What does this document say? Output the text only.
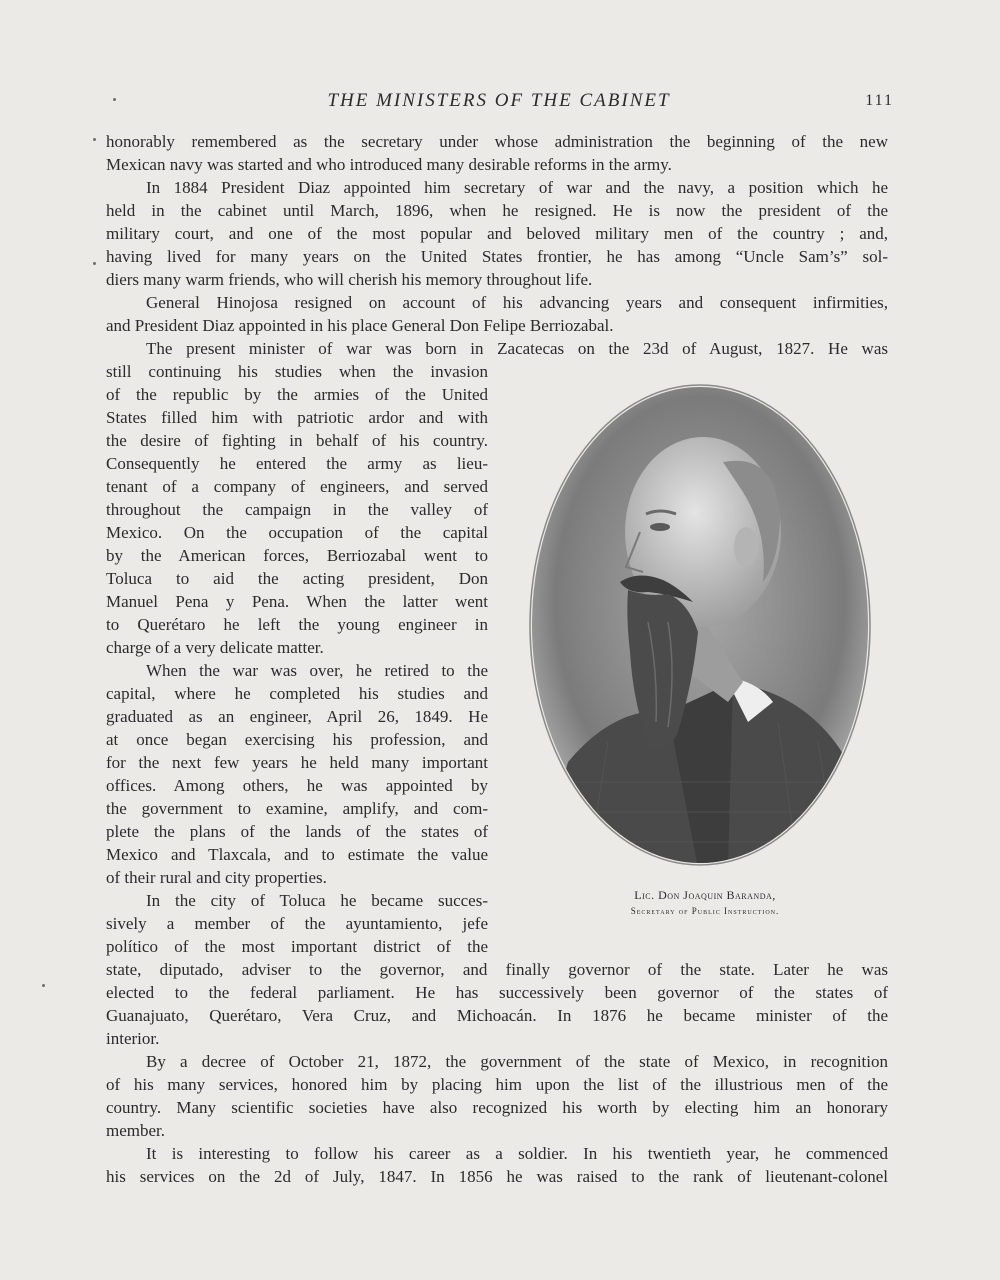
THE MINISTERS OF THE CABINET	111
honorably remembered as the secretary under whose administration the beginning of the new
Mexican navy was started and who introduced many desirable reforms in the army.
In 1884 President Diaz appointed him secretary of war and the navy, a position which he
held in the cabinet until March, 1896, when he resigned. He is now the president of the
military court, and one of the most popular and beloved military men of the country ; and,
having lived for many years on the United States frontier, he has among “Uncle Sam’s” sol-
diers many warm friends, who will cherish his memory throughout life.
General Hinojosa resigned on account of his advancing years and consequent infirmities,
and President Diaz appointed in his place General Don Felipe Berriozabal.
The present minister of war was born in Zacatecas on the 23d of August, 1827. He was
still continuing his studies when the invasion
of the republic by the armies of the United
States filled him with patriotic ardor and with
the desire of fighting in behalf of his country.
Consequently he entered the army as lieu-
tenant of a company of engineers, and served
throughout the campaign in the valley of
Mexico. On the occupation of the capital
by the American forces, Berriozabal went to
Toluca to aid the acting president, Don
Manuel Pena y Pena. When the latter went
to Querétaro he left the young engineer in
charge of a very delicate matter.
When the war was over, he retired to the
capital, where he completed his studies and
graduated as an engineer, April 26, 1849. He
at once began exercising his profession, and
for the next few years he held many important
offices. Among others, he was appointed by
the government to examine, amplify, and com-
plete the plans of the lands of the states of
Mexico and Tlaxcala, and to estimate the value
of their rural and city properties.
In the city of Toluca he became succes-
sively a member of the ayuntamiento, jefe
político of the most important district of the
state, diputado, adviser to the governor, and finally governor of the state. Later he was
elected to the federal parliament. He has successively been governor of the states of
Guanajuato, Querétaro, Vera Cruz, and Michoacán. In 1876 he became minister of the
interior.
By a decree of October 21, 1872, the government of the state of Mexico, in recognition
of his many services, honored him by placing him upon the list of the illustrious men of the
country. Many scientific societies have also recognized his worth by electing him an honorary
member.
It is interesting to follow his career as a soldier. In his twentieth year, he commenced
his services on the 2d of July, 1847. In 1856 he was raised to the rank of lieutenant-colonel
Lic. Don Joaquin Baranda,
Secretary of Public Instruction.
